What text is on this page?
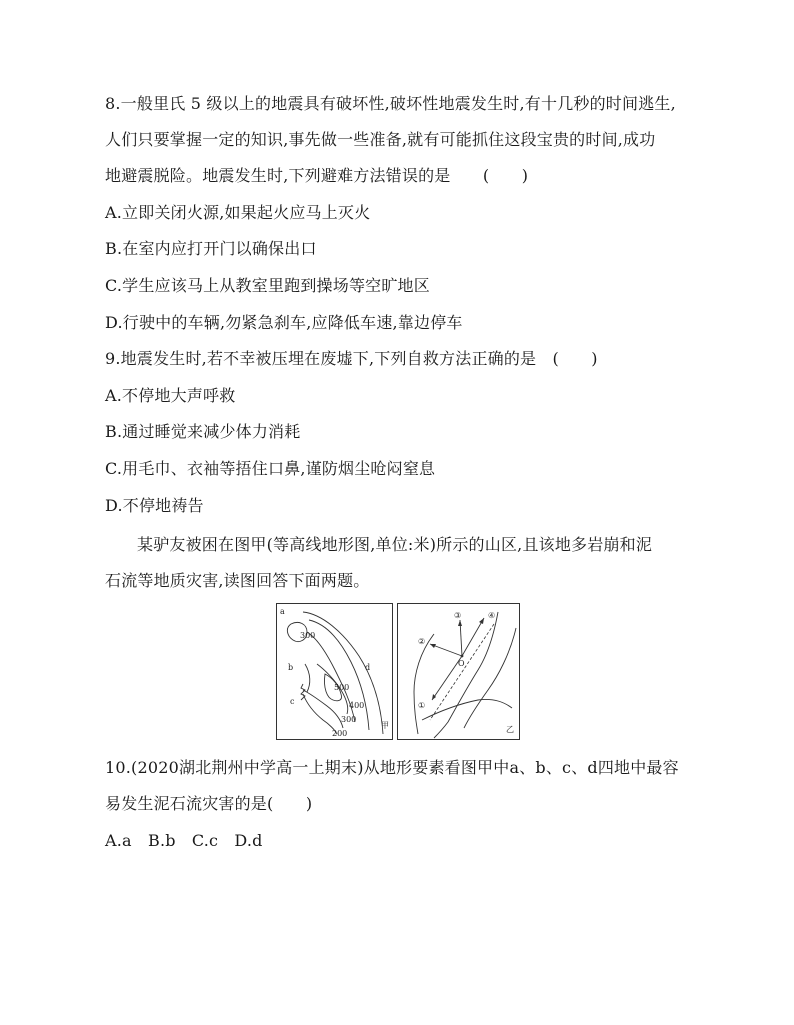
8.一般里氏 5 级以上的地震具有破坏性,破坏性地震发生时,有十几秒的时间逃生,
人们只要掌握一定的知识,事先做一些准备,就有可能抓住这段宝贵的时间,成功
地避震脱险。地震发生时,下列避难方法错误的是　　(　　)
A.立即关闭火源,如果起火应马上灭火
B.在室内应打开门以确保出口
C.学生应该马上从教室里跑到操场等空旷地区
D.行驶中的车辆,勿紧急刹车,应降低车速,靠边停车
9.地震发生时,若不幸被压埋在废墟下,下列自救方法正确的是　(　　)
A.不停地大声呼救
B.通过睡觉来减少体力消耗
C.用毛巾、衣袖等捂住口鼻,谨防烟尘呛闷窒息
D.不停地祷告
某驴友被困在图甲(等高线地形图,单位:米)所示的山区,且该地多岩崩和泥
石流等地质灾害,读图回答下面两题。
a
b
c
d
300
500
400
300
200
甲
④
③
②
O
①
乙
10.(2020湖北荆州中学高一上期末)从地形要素看图甲中a、b、c、d四地中最容
易发生泥石流灾害的是(　　)
A.a　B.b　C.c　D.d
